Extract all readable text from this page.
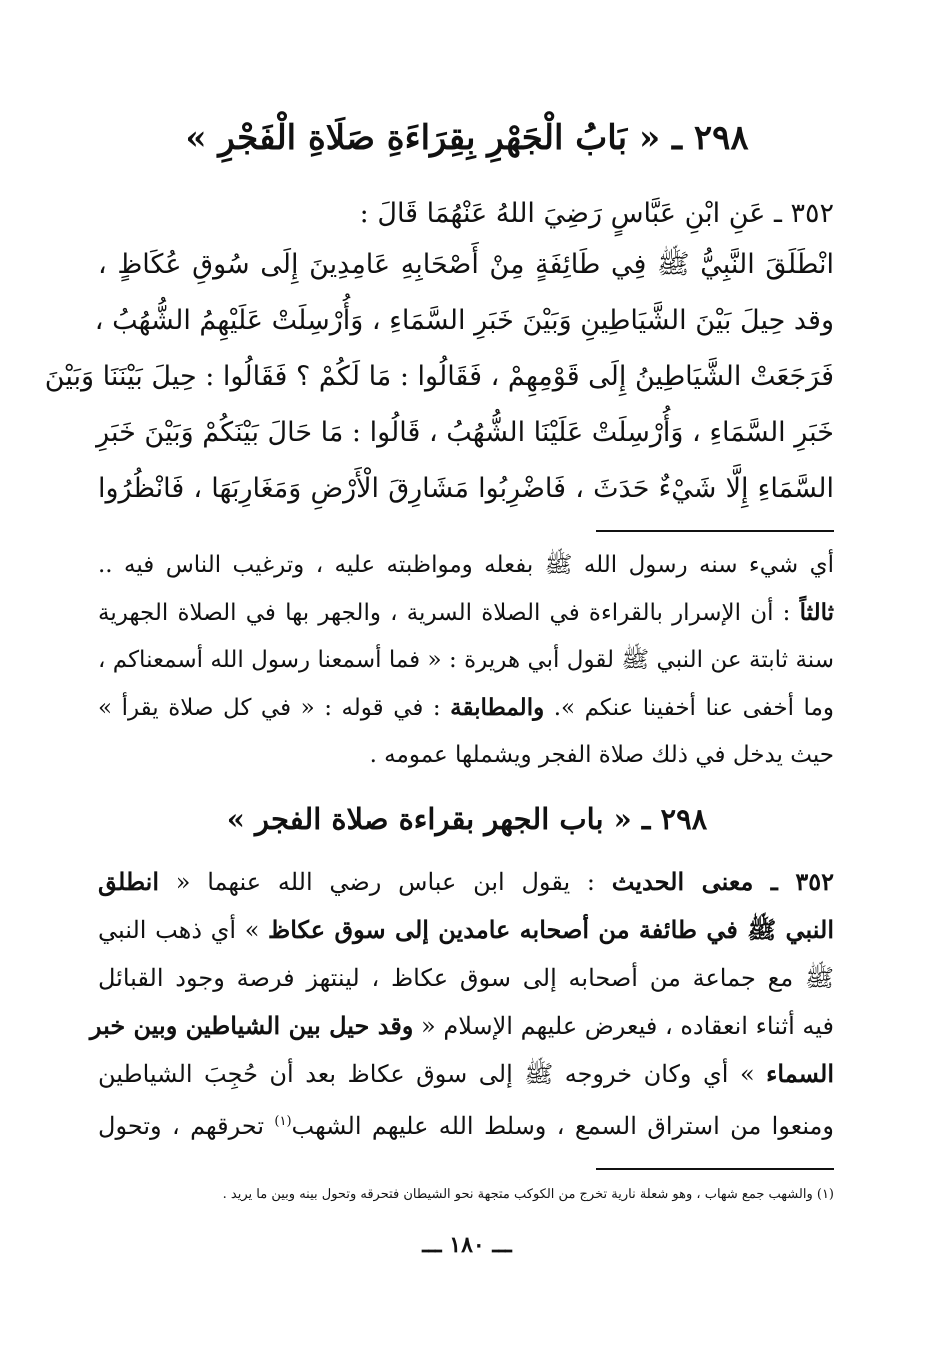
٢٩٨ ـ « بَابُ الْجَهْرِ بِقِرَاءَةِ صَلَاةِ الْفَجْرِ »
٣٥٢ ـ عَنِ ابْنِ عَبَّاسٍ رَضِيَ اللهُ عَنْهُمَا قَالَ :
انْطَلَقَ النَّبِيُّ ﷺ فِي طَائِفَةٍ مِنْ أَصْحَابِهِ عَامِدِينَ إِلَى سُوقِ عُكَاظٍ ،
وقد حِيلَ بَيْنَ الشَّيَاطِينِ وَبَيْنَ خَبَرِ السَّمَاءِ ، وَأُرْسِلَتْ عَلَيْهِمُ الشُّهُبُ ،
فَرَجَعَتْ الشَّيَاطِينُ إِلَى قَوْمِهِمْ ، فَقَالُوا : مَا لَكُمْ ؟ فَقَالُوا : حِيلَ بَيْنَنَا وَبَيْنَ
خَبَرِ السَّمَاءِ ، وَأُرْسِلَتْ عَلَيْنَا الشُّهُبُ ، قَالُوا : مَا حَالَ بَيْنَكُمْ وَبَيْنَ خَبَرِ
السَّمَاءِ إِلَّا شَيْءٌ حَدَثَ ، فَاضْرِبُوا مَشَارِقَ الْأَرْضِ وَمَغَارِبَهَا ، فَانْظُرُوا
أي شيء سنه رسول الله ﷺ بفعله ومواظبته عليه ، وترغيب الناس فيه ..
ثالثاً : أن الإسرار بالقراءة في الصلاة السرية ، والجهر بها في الصلاة الجهرية
سنة ثابتة عن النبي ﷺ لقول أبي هريرة : « فما أسمعنا رسول الله أسمعناكم ،
وما أخفى عنا أخفينا عنكم ». والمطابقة : في قوله : « في كل صلاة يقرأ »
حيث يدخل في ذلك صلاة الفجر ويشملها عمومه .
٢٩٨ ـ « باب الجهر بقراءة صلاة الفجر »
٣٥٢ ـ معنى الحديث : يقول ابن عباس رضي الله عنهما « انطلق
النبي ﷺ في طائفة من أصحابه عامدين إلى سوق عكاظ » أي ذهب النبي
ﷺ مع جماعة من أصحابه إلى سوق عكاظ ، لينتهز فرصة وجود القبائل
فيه أثناء انعقاده ، فيعرض عليهم الإسلام « وقد حيل بين الشياطين وبين خبر
السماء » أي وكان خروجه ﷺ إلى سوق عكاظ بعد أن حُجِبَ الشياطين
ومنعوا من استراق السمع ، وسلط الله عليهم الشهب$^{(١)}$ تحرقهم ، وتحول
(١) والشهب جمع شهاب ، وهو شعلة نارية تخرج من الكوكب متجهة نحو الشيطان فتحرقه وتحول بينه وبين ما يريد .
ـــ ١٨٠ ـــ
